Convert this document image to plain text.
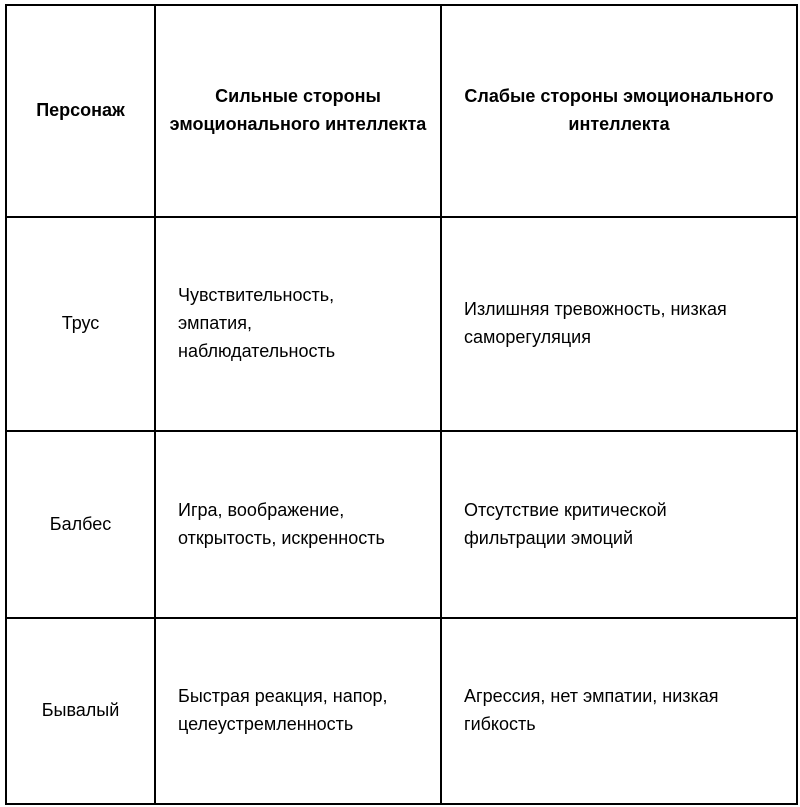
Персонаж	Сильные стороны эмоционального интеллекта	Слабые стороны эмоционального интеллекта
Трус	Чувствительность, эмпатия, наблюдательность	Излишняя тревожность, низкая саморегуляция
Балбес	Игра, воображение, открытость, искренность	Отсутствие критической фильтрации эмоций
Бывалый	Быстрая реакция, напор, целеустремленность	Агрессия, нет эмпатии, низкая гибкость
